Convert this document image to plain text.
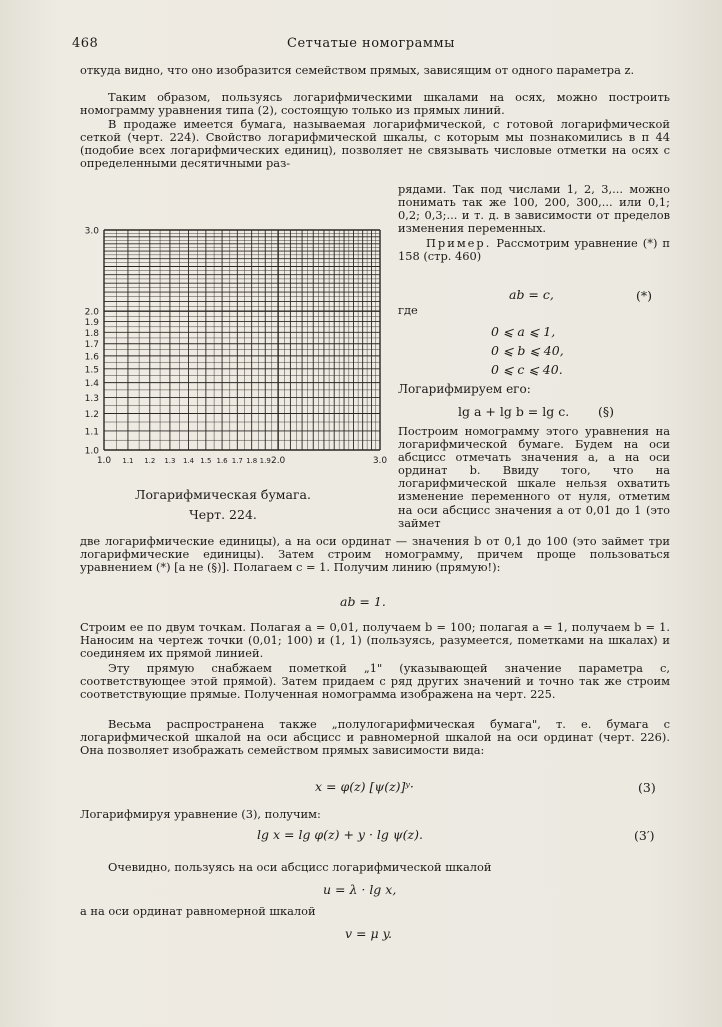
468	Сетчатые номограммы

откуда видно, что оно изобразится семейством прямых, зависящим от одного параметра z.

Таким образом, пользуясь логарифмическими шкалами на осях, можно построить номограмму уравнения типа (2), состоящую только из прямых линий.

В продаже имеется бумага, называемая логарифмической, с готовой логарифмической сеткой (черт. 224). Свойство логарифмической шкалы, с которым мы познакомились в п 44 (подобие всех логарифмических единиц), позволяет не связывать числовые отметки на осях с определенными десятичными раз-

3.0
2.0
1.9
1.8
1.7
1.6
1.5
1.4
1.3
1.2
1.1
1.0
1.0 1.1 1.2 1.3 1.4 1.5 1.6 1.7 1.8 1.9 2.0	3.0
Логарифмическая бумага.
Черт. 224.

рядами. Так под числами 1, 2, 3,... можно понимать так же 100, 200, 300,... или 0,1; 0,2; 0,3;... и т. д. в зависимости от пределов изменения переменных.

Пример. Рассмотрим уравнение (*) п 158 (стр. 460)

ab = c,	(*)
где
0 ⩽ a ⩽ 1,
0 ⩽ b ⩽ 40,
0 ⩽ c ⩽ 40.
Логарифмируем его:
lg a + lg b = lg c. (§)

Построим номограмму этого уравнения на логарифмической бумаге. Будем на оси абсцисс отмечать значения a, а на оси ординат b. Ввиду того, что на логарифмической шкале нельзя охватить изменение переменного от нуля, отметим на оси абсцисс значения a от 0,01 до 1 (это займет

две логарифмические единицы), а на оси ординат — значения b от 0,1 до 100 (это займет три логарифмические единицы). Затем строим номограмму, причем проще пользоваться уравнением (*) [а не (§)]. Полагаем c = 1. Получим линию (прямую!):

ab = 1.

Строим ее по двум точкам. Полагая a = 0,01, получаем b = 100; полагая a = 1, получаем b = 1. Наносим на чертеж точки (0,01; 100) и (1, 1) (пользуясь, разумеется, пометками на шкалах) и соединяем их прямой линией.

Эту прямую снабжаем пометкой „1" (указывающей значение параметра c, соответствующее этой прямой). Затем придаем c ряд других значений и точно так же строим соответствующие прямые. Полученная номограмма изображена на черт. 225.

Весьма распространена также „полулогарифмическая бумага", т. е. бумага с логарифмической шкалой на оси абсцисс и равномерной шкалой на оси ординат (черт. 226). Она позволяет изображать семейством прямых зависимости вида:

x = φ(z) [ψ(z)]ʸ·	(3)
Логарифмируя уравнение (3), получим:
lg x = lg φ(z) + y · lg ψ(z).	(3′)
Очевидно, пользуясь на оси абсцисс логарифмической шкалой
u = λ · lg x,
а на оси ординат равномерной шкалой
v = μ y.
